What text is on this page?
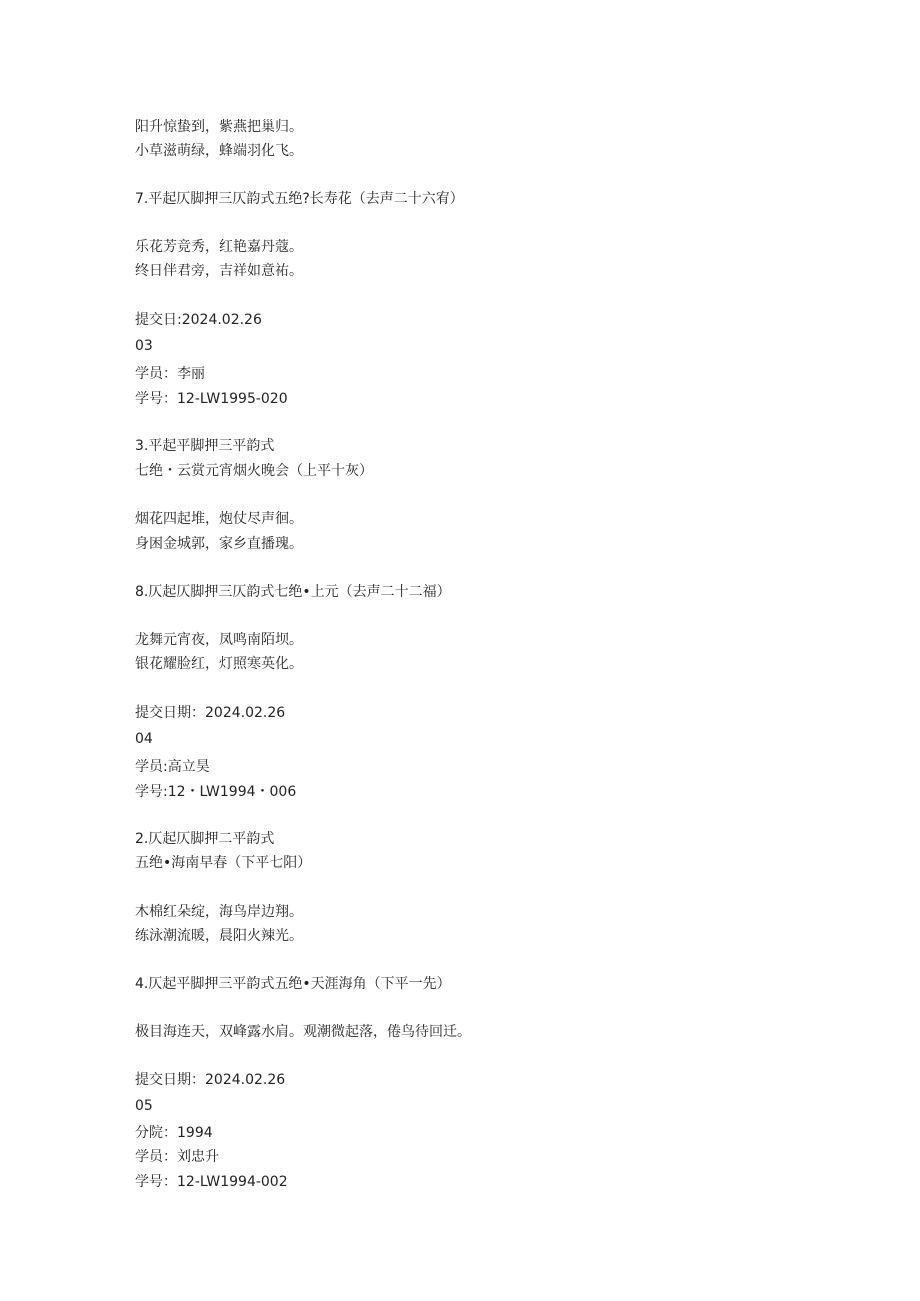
阳升惊蛰到，紫燕把巢归。
小草滋萌绿，蜂端羽化飞。
7.平起仄脚押三仄韵式五绝?长寿花（去声二十六宥）
乐花芳竞秀，红艳嘉丹蔻。
终日伴君旁，吉祥如意祐。
提交日:2024.02.26
03
学员：李丽
学号：12-LW1995-020
3.平起平脚押三平韵式
七绝・云赏元宵烟火晚会（上平十灰）
烟花四起堆，炮仗尽声徊。
身困金城郭，家乡直播瑰。
8.仄起仄脚押三仄韵式七绝•上元（去声二十二福）
龙舞元宵夜，凤鸣南陌坝。
银花耀脸红，灯照寒英化。
提交日期：2024.02.26
04
学员:高立昊
学号:12・LW1994・006
2.仄起仄脚押二平韵式
五绝•海南早春（下平七阳）
木棉红朵绽，海鸟岸边翔。
练泳潮流暖，晨阳火辣光。
4.仄起平脚押三平韵式五绝•天涯海角（下平一先）
极目海连天，双峰露水肩。观潮微起落，倦鸟待回迁。
提交日期：2024.02.26
05
分院：1994
学员：刘忠升
学号：12-LW1994-002
